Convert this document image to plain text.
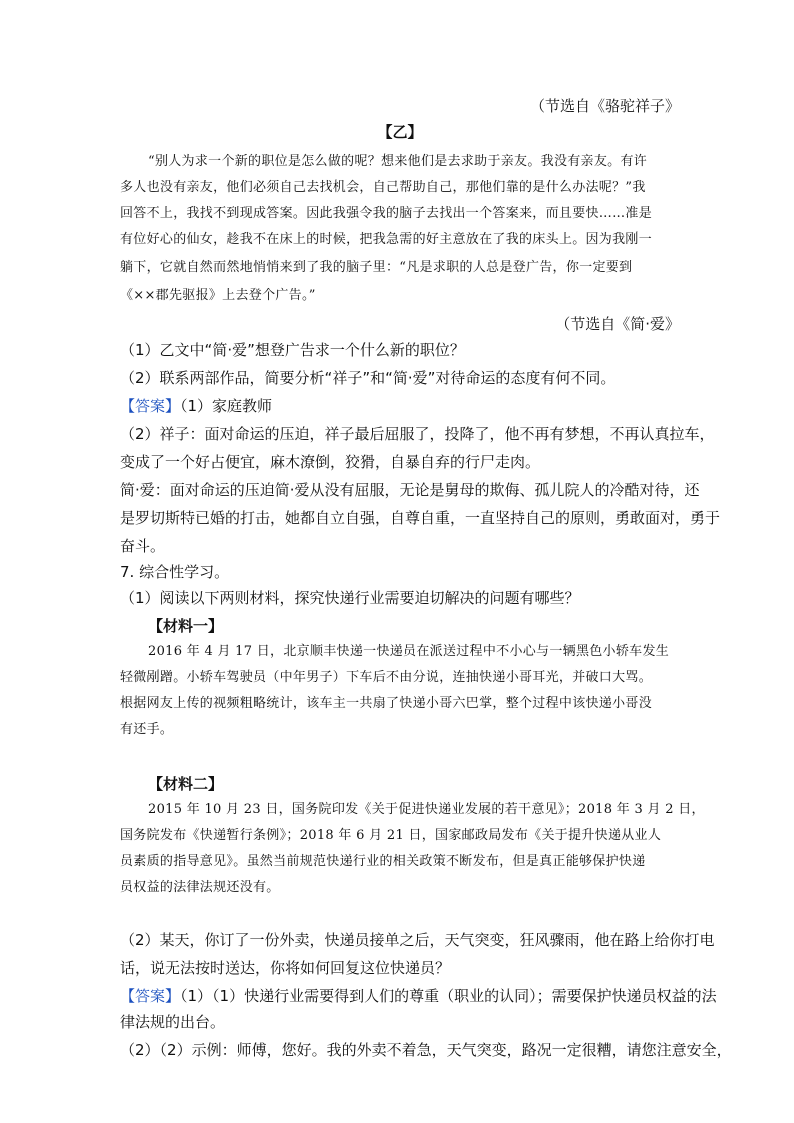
（节选自《骆驼祥子》
【乙】
“别人为求一个新的职位是怎么做的呢？想来他们是去求助于亲友。我没有亲友。有许
多人也没有亲友，他们必须自己去找机会，自己帮助自己，那他们靠的是什么办法呢？”我
回答不上，我找不到现成答案。因此我强令我的脑子去找出一个答案来，而且要快……准是
有位好心的仙女，趁我不在床上的时候，把我急需的好主意放在了我的床头上。因为我刚一
躺下，它就自然而然地悄悄来到了我的脑子里：“凡是求职的人总是登广告，你一定要到
《××郡先驱报》上去登个广告。”
（节选自《简·爱》
（1）乙文中“简·爱”想登广告求一个什么新的职位？
（2）联系两部作品，简要分析“祥子”和“简·爱”对待命运的态度有何不同。
【答案】（1）家庭教师
（2）祥子：面对命运的压迫，祥子最后屈服了，投降了，他不再有梦想，不再认真拉车，
变成了一个好占便宜，麻木潦倒，狡猾，自暴自弃的行尸走肉。
简·爱：面对命运的压迫简·爱从没有屈服，无论是舅母的欺侮、孤儿院人的冷酷对待，还
是罗切斯特已婚的打击，她都自立自强，自尊自重，一直坚持自己的原则，勇敢面对，勇于
奋斗。
7. 综合性学习。
（1）阅读以下两则材料，探究快递行业需要迫切解决的问题有哪些？
【材料一】
2016 年 4 月 17 日，北京顺丰快递一快递员在派送过程中不小心与一辆黑色小轿车发生
轻微剐蹭。小轿车驾驶员（中年男子）下车后不由分说，连抽快递小哥耳光，并破口大骂。
根据网友上传的视频粗略统计，该车主一共扇了快递小哥六巴掌，整个过程中该快递小哥没
有还手。
【材料二】
2015 年 10 月 23 日，国务院印发《关于促进快递业发展的若干意见》；2018 年 3 月 2 日，
国务院发布《快递暂行条例》；2018 年 6 月 21 日，国家邮政局发布《关于提升快递从业人
员素质的指导意见》。虽然当前规范快递行业的相关政策不断发布，但是真正能够保护快递
员权益的法律法规还没有。
（2）某天，你订了一份外卖，快递员接单之后，天气突变，狂风骤雨，他在路上给你打电
话，说无法按时送达，你将如何回复这位快递员？
【答案】（1）（1）快递行业需要得到人们的尊重（职业的认同）；需要保护快递员权益的法
律法规的出台。
（2）（2）示例：师傅，您好。我的外卖不着急，天气突变，路况一定很糟，请您注意安全，
